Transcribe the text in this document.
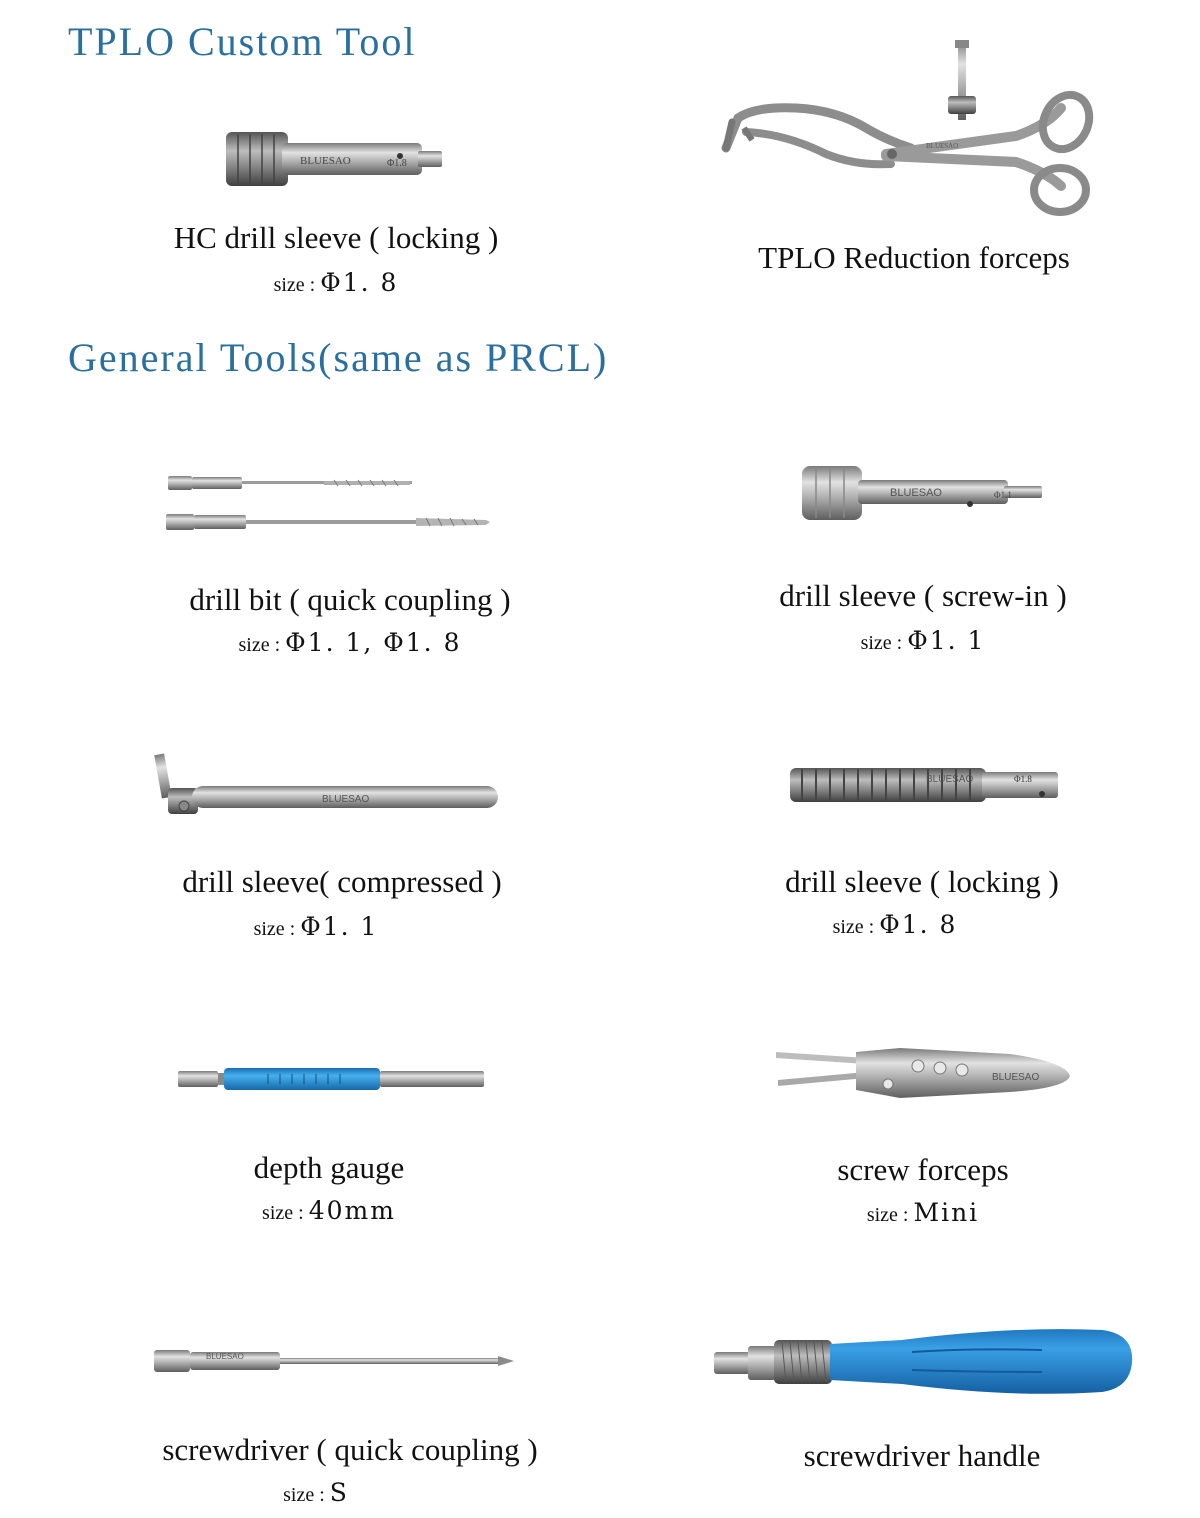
TPLO Custom Tool
General Tools(same as PRCL)
BLUESAO	Φ1.8
HC drill sleeve ( locking )
size : Φ1. 8
BLUESAO
TPLO Reduction forceps
drill bit ( quick coupling )
size : Φ1. 1, Φ1. 8
BLUESAO	Φ1.1
drill sleeve ( screw-in )
size : Φ1. 1
BLUESAO
drill sleeve( compressed )
size : Φ1. 1
BLUESAO	Φ1.8
drill sleeve ( locking )
size : Φ1. 8
depth gauge
size : 40mm
BLUESAO
screw forceps
size : Mini
BLUESAO
screwdriver ( quick coupling )
size : S
screwdriver handle
